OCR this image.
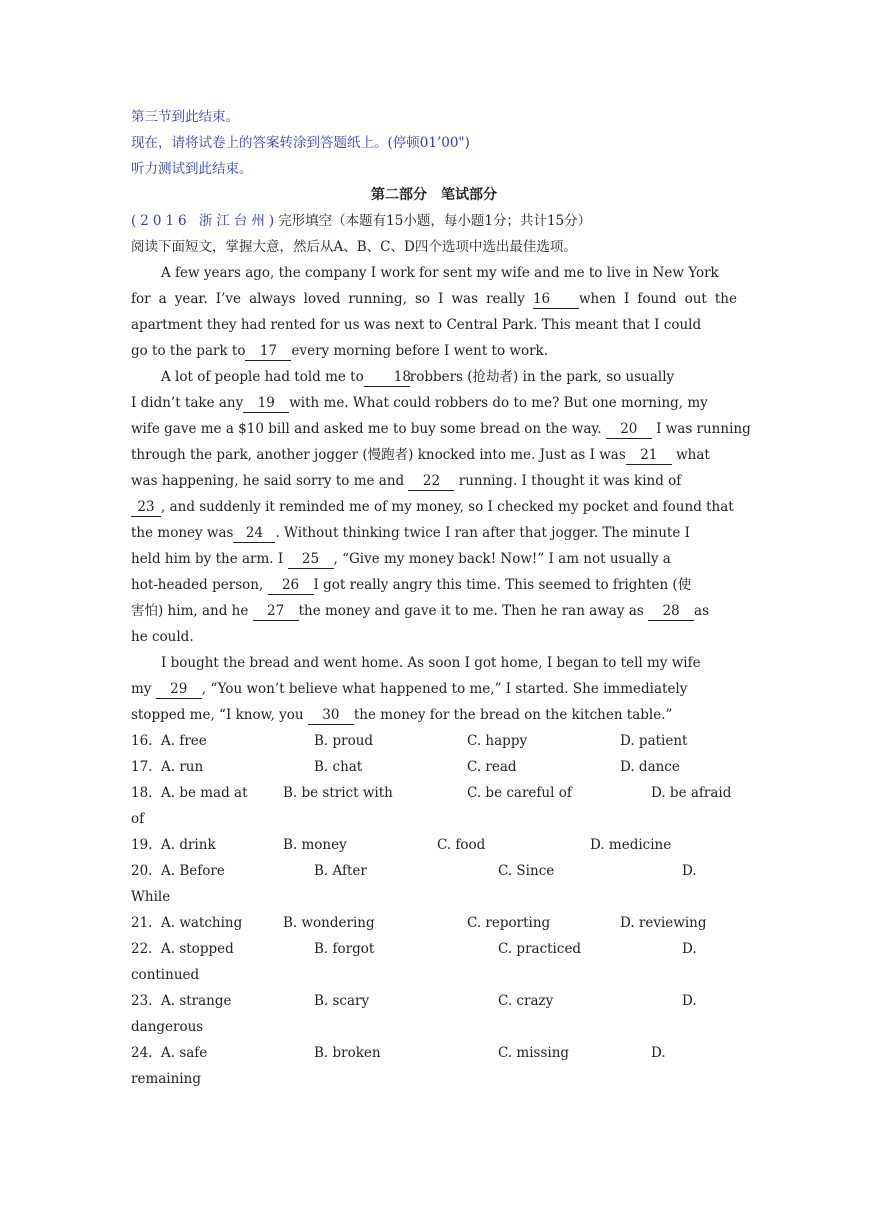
第三节到此结束。
现在，请将试卷上的答案转涂到答题纸上。(停顿01’00")
听力测试到此结束。
第二部分　笔试部分
(2016 浙江台州)完形填空（本题有15小题，每小题1分；共计15分）
阅读下面短文，掌握大意，然后从A、B、C、D四个选项中选出最佳选项。
A few years ago, the company I work for sent my wife and me to live in New York
for a year. I’ve always loved running, so I was really 16 when I found out the
apartment they had rented for us was next to Central Park. This meant that I could
go to the park to 17 every morning before I went to work.
A lot of people had told me to 18robbers (抢劫者) in the park, so usually
I didn’t take any 19 with me. What could robbers do to me? But one morning, my
wife gave me a $10 bill and asked me to buy some bread on the way. 20 I was running
through the park, another jogger (慢跑者) knocked into me. Just as I was 21 what
was happening, he said sorry to me and 22 running. I thought it was kind of
23 , and suddenly it reminded me of my money, so I checked my pocket and found that
the money was 24 . Without thinking twice I ran after that jogger. The minute I
held him by the arm. I 25 , “Give my money back! Now!” I am not usually a
hot-headed person, 26 I got really angry this time. This seemed to frighten (使
害怕) him, and he 27 the money and gave it to me. Then he ran away as 28 as
he could.
I bought the bread and went home. As soon I got home, I began to tell my wife
my 29 , “You won’t believe what happened to me,” I started. She immediately
stopped me, “I know, you 30 the money for the bread on the kitchen table.”
16. A. free	B. proud	C. happy	D. patient
17. A. run	B. chat	C. read	D. dance
18. A. be mad at	B. be strict with	C. be careful of	D. be afraid
of
19. A. drink	B. money	C. food	D. medicine
20. A. Before	B. After	C. Since	D.
While
21. A. watching	B. wondering	C. reporting	D. reviewing
22. A. stopped	B. forgot	C. practiced	D.
continued
23. A. strange	B. scary	C. crazy	D.
dangerous
24. A. safe	B. broken	C. missing	D.
remaining
